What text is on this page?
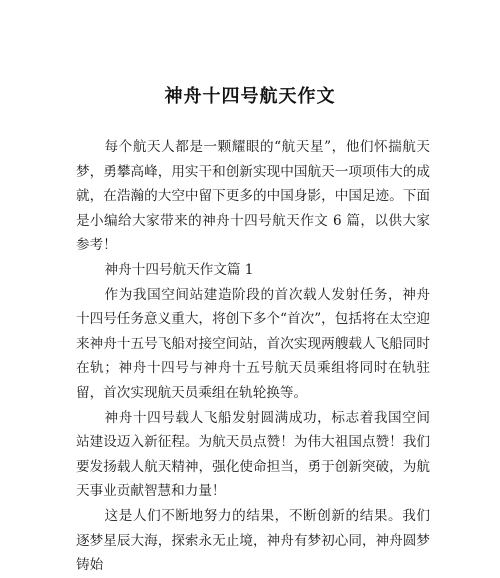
神舟十四号航天作文

每个航天人都是一颗耀眼的“航天星”，他们怀揣航天梦，勇攀高峰，用实干和创新实现中国航天一项项伟大的成就，在浩瀚的大空中留下更多的中国身影，中国足迹。下面是小编给大家带来的神舟十四号航天作文 6 篇，以供大家参考！

神舟十四号航天作文篇 1

作为我国空间站建造阶段的首次载人发射任务，神舟十四号任务意义重大，将创下多个“首次”，包括将在太空迎来神舟十五号飞船对接空间站，首次实现两艘载人飞船同时在轨；神舟十四号与神舟十五号航天员乘组将同时在轨驻留，首次实现航天员乘组在轨轮换等。

神舟十四号载人飞船发射圆满成功，标志着我国空间站建设迈入新征程。为航天员点赞！为伟大祖国点赞！我们要发扬载人航天精神，强化使命担当，勇于创新突破，为航天事业贡献智慧和力量！

这是人们不断地努力的结果，不断创新的结果。我们逐梦星辰大海，探索永无止境，神舟有梦初心同，神舟圆梦铸始
